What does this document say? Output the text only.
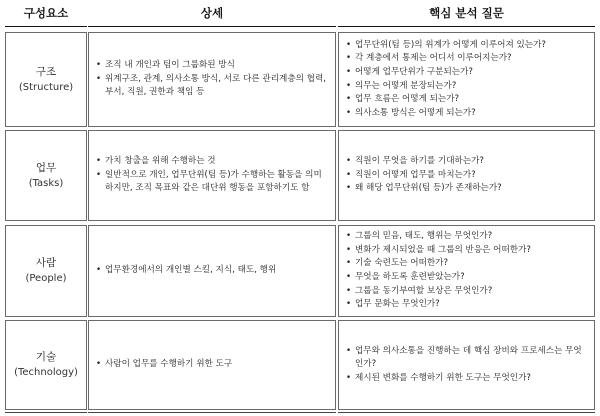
구성요소	상세	핵심 분석 질문
구조
(Structure)
• 조직 내 개인과 팀이 그룹화된 방식
• 위계구조, 관계, 의사소통 방식, 서로 다른 관리계층의 협력, 부서, 직원, 권한과 책임 등
• 업무단위(팀 등)의 위계가 어떻게 이루어져 있는가?
• 각 계층에서 통제는 어디서 이루어지는가?
• 어떻게 업무단위가 구분되는가?
• 의무는 어떻게 분장되는가?
• 업무 흐름은 어떻게 되는가?
• 의사소통 방식은 어떻게 되는가?
업무
(Tasks)
• 가치 창출을 위해 수행하는 것
• 일반적으로 개인, 업무단위(팀 등)가 수행하는 활동을 의미하지만, 조직 목표와 같은 대단위 행동을 포함하기도 함
• 직원이 무엇을 하기를 기대하는가?
• 직원이 어떻게 업무를 마치는가?
• 왜 해당 업무단위(팀 등)가 존재하는가?
사람
(People)
• 업무환경에서의 개인별 스킬, 지식, 태도, 행위
• 그룹의 믿음, 태도, 행위는 무엇인가?
• 변화가 제시되었을 때 그룹의 반응은 어떠한가?
• 기술 숙련도는 어떠한가?
• 무엇을 하도록 훈련받았는가?
• 그룹을 동기부여할 보상은 무엇인가?
• 업무 문화는 무엇인가?
기술
(Technology)
• 사람이 업무를 수행하기 위한 도구
• 업무와 의사소통을 진행하는 데 핵심 장비와 프로세스는 무엇인가?
• 제시된 변화를 수행하기 위한 도구는 무엇인가?
